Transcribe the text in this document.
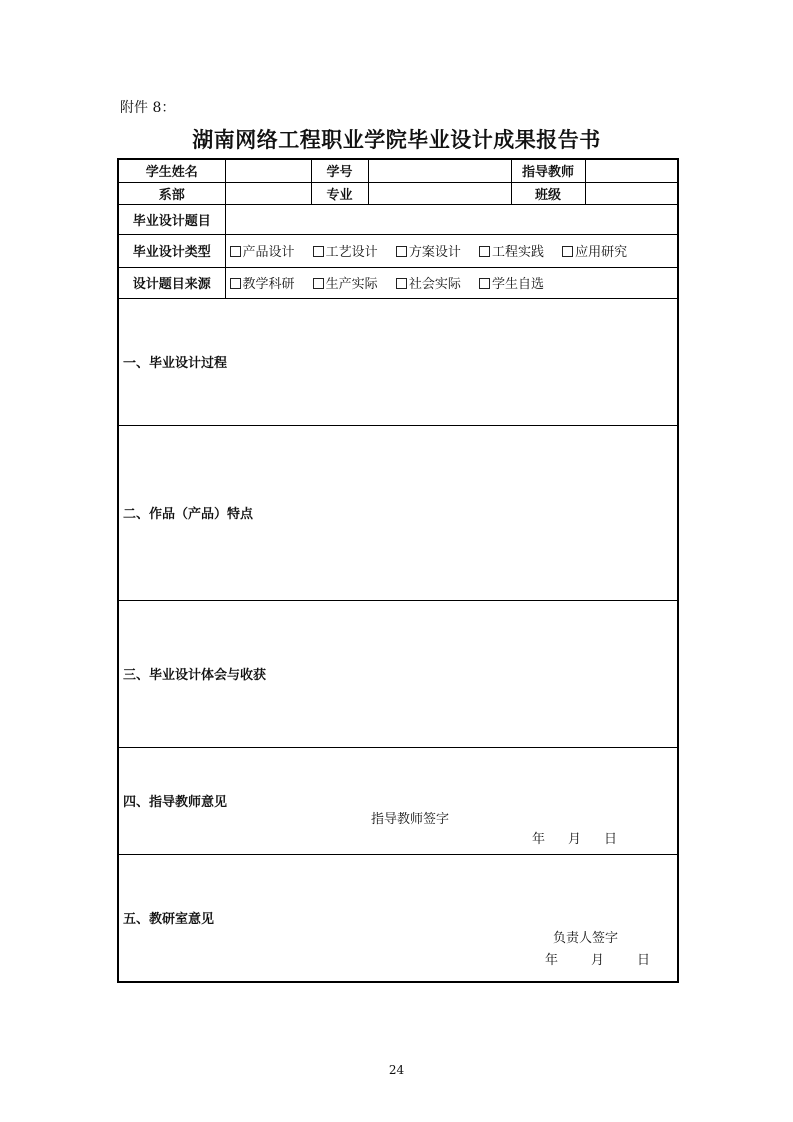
附件 8：
湖南网络工程职业学院毕业设计成果报告书
学生姓名		学号		指导教师	
系部		专业		班级	
毕业设计题目					
毕业设计类型	产品设计 工艺设计 方案设计 工程实践 应用研究				
设计题目来源	教学科研 生产实际 社会实际 学生自选				

一、毕业设计过程					

二、作品（产品）特点					

三、毕业设计体会与收获					

四、指导教师意见
指导教师签字
年 月 日					

五、教研室意见
负责人签字
年 月 日					
24
